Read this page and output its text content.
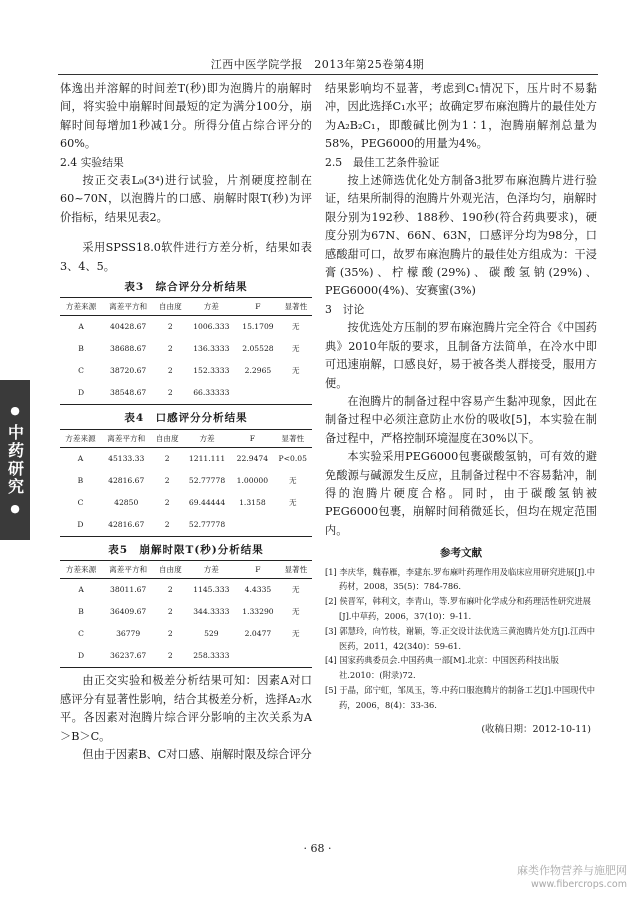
江西中医学院学报　2013年第25卷第4期
●
中药研究
●

体逸出并溶解的时间差T(秒)即为泡腾片的崩解时间，将实验中崩解时间最短的定为满分100分，崩解时间每增加1秒减1分。所得分值占综合评分的60%。

2.4 实验结果

按正交表L₉(3⁴)进行试验，片剂硬度控制在60~70N，以泡腾片的口感、崩解时限T(秒)为评价指标，结果见表2。

采用SPSS18.0软件进行方差分析，结果如表3、4、5。

表3　综合评分分析结果
方差来源	离差平方和	自由度	方差	F	显著性
A	40428.67	2	1006.333	15.1709	无
B	38688.67	2	136.3333	2.05528	无
C	38720.67	2	152.3333	2.2965	无
D	38548.67	2	66.33333		
表4　口感评分分析结果
方差来源	离差平方和	自由度	方差	F	显著性
A	45133.33	2	1211.111	22.9474	P<0.05
B	42816.67	2	52.77778	1.00000	无
C	42850	2	69.44444	1.3158	无
D	42816.67	2	52.77778		
表5　崩解时限T(秒)分析结果
方差来源	离差平方和	自由度	方差	F	显著性
A	38011.67	2	1145.333	4.4335	无
B	36409.67	2	344.3333	1.33290	无
C	36779	2	529	2.0477	无
D	36237.67	2	258.3333		

由正交实验和极差分析结果可知：因素A对口感评分有显著性影响，结合其极差分析，选择A₂水平。各因素对泡腾片综合评分影响的主次关系为A＞B＞C。

但由于因素B、C对口感、崩解时限及综合评分

结果影响均不显著，考虑到C₁情况下，压片时不易黏冲，因此选择C₁水平；故确定罗布麻泡腾片的最佳处方为A₂B₂C₁，即酸碱比例为1∶1，泡腾崩解剂总量为58%，PEG6000的用量为4%。

2.5　最佳工艺条件验证

按上述筛选优化处方制备3批罗布麻泡腾片进行验证，结果所制得的泡腾片外观光洁，色泽均匀，崩解时限分别为192秒、188秒、190秒(符合药典要求)，硬度分别为67N、66N、63N，口感评分均为98分，口感酸甜可口，故罗布麻泡腾片的最佳处方组成为：干浸膏(35%)、柠檬酸(29%)、碳酸氢钠(29%)、PEG6000(4%)、安赛蜜(3%)

3　讨论

按优选处方压制的罗布麻泡腾片完全符合《中国药典》2010年版的要求，且制备方法简单，在冷水中即可迅速崩解，口感良好，易于被各类人群接受，服用方便。

在泡腾片的制备过程中容易产生黏冲现象，因此在制备过程中必须注意防止水份的吸收[5]，本实验在制备过程中，严格控制环境湿度在30%以下。

本实验采用PEG6000包裹碳酸氢钠，可有效的避免酸源与碱源发生反应，且制备过程中不容易黏冲，制得的泡腾片硬度合格。同时，由于碳酸氢钠被PEG6000包裹，崩解时间稍微延长，但均在规定范围内。

参考文献
[1] 李庆华，魏春雁，李建东.罗布麻叶药理作用及临床应用研究进展[J].中药材，2008，35(5)：784-786.
[2] 侯晋军，韩利文，李青山，等.罗布麻叶化学成分和药理活性研究进展[J].中草药，2006，37(10)：9-11.
[3] 郭慧玲，向竹枝，谢颖，等.正交设计法优选三黄泡腾片处方[J].江西中医药，2011，42(340)：59-61.
[4] 国家药典委员会.中国药典一部[M].北京：中国医药科技出版社.2010：(附录)72.
[5] 于晶，邱宁虹，邹凤玉，等.中药口服泡腾片的制备工艺[J].中国现代中药，2006，8(4)：33-36.
(收稿日期：2012-10-11)
· 68 ·
麻类作物营养与施肥网
www.fibercrops.com
